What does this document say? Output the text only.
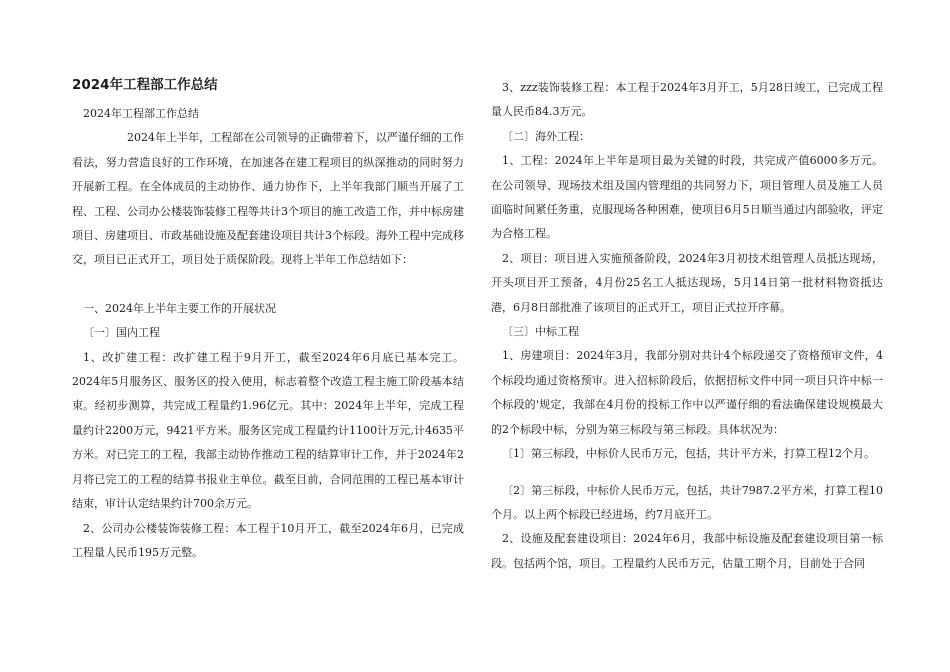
2024年工程部工作总结

2024年工程部工作总结

2024年上半年，工程部在公司领导的正确带着下，以严谨仔细的工作看法，努力营造良好的工作环境，在加速各在建工程项目的纵深推动的同时努力开展新工程。在全体成员的主动协作、通力协作下，上半年我部门顺当开展了工程、工程、公司办公楼装饰装修工程等共计3个项目的施工改造工作，并中标房建项目、房建项目、市政基础设施及配套建设项目共计3个标段。海外工程中完成移交，项目已正式开工，项目处于质保阶段。现将上半年工作总结如下：

一、2024年上半年主要工作的开展状况

〔一〕国内工程

1、改扩建工程：改扩建工程于9月开工，截至2024年6月底已基本完工。2024年5月服务区、服务区的投入使用，标志着整个改造工程主施工阶段基本结束。经初步测算，共完成工程量约1.96亿元。其中：2024年上半年，完成工程量约计2200万元，9421平方米。服务区完成工程量约计1100计万元,计4635平方米。对已完工的工程，我部主动协作推动工程的结算审计工作，并于2024年2月将已完工的工程的结算书报业主单位。截至目前，合同范围的工程已基本审计结束，审计认定结果约计700余万元。

2、公司办公楼装饰装修工程：本工程于10月开工，截至2024年6月，已完成工程量人民币195万元整。

3、zzz装饰装修工程：本工程于2024年3月开工，5月28日竣工，已完成工程量人民币84.3万元。

〔二〕海外工程：

1、工程：2024年上半年是项目最为关键的时段，共完成产值6000多万元。在公司领导、现场技术组及国内管理组的共同努力下，项目管理人员及施工人员面临时间紧任务重，克服现场各种困难，使项目6月5日顺当通过内部验收，评定为合格工程。

2、项目：项目进入实施预备阶段，2024年3月初技术组管理人员抵达现场，开头项目开工预备，4月份25名工人抵达现场，5月14日第一批材料物资抵达港，6月8日部批准了该项目的正式开工，项目正式拉开序幕。

〔三〕中标工程

1、房建项目：2024年3月，我部分别对共计4个标段递交了资格预审文件，4个标段均通过资格预审。进入招标阶段后，依据招标文件中同一项目只许中标一个标段的'规定，我部在4月份的投标工作中以严谨仔细的看法确保建设规模最大的2个标段中标，分别为第三标段与第三标段。具体状况为：

〔1〕第三标段，中标价人民币万元，包括，共计平方米，打算工程12个月。

〔2〕第三标段，中标价人民币万元，包括，共计7987.2平方米，打算工程10个月。以上两个标段已经进场，约7月底开工。

2、设施及配套建设项目：2024年6月，我部中标设施及配套建设项目第一标段。包括两个馆，项目。工程量约人民币万元，估量工期个月，目前处于合同
